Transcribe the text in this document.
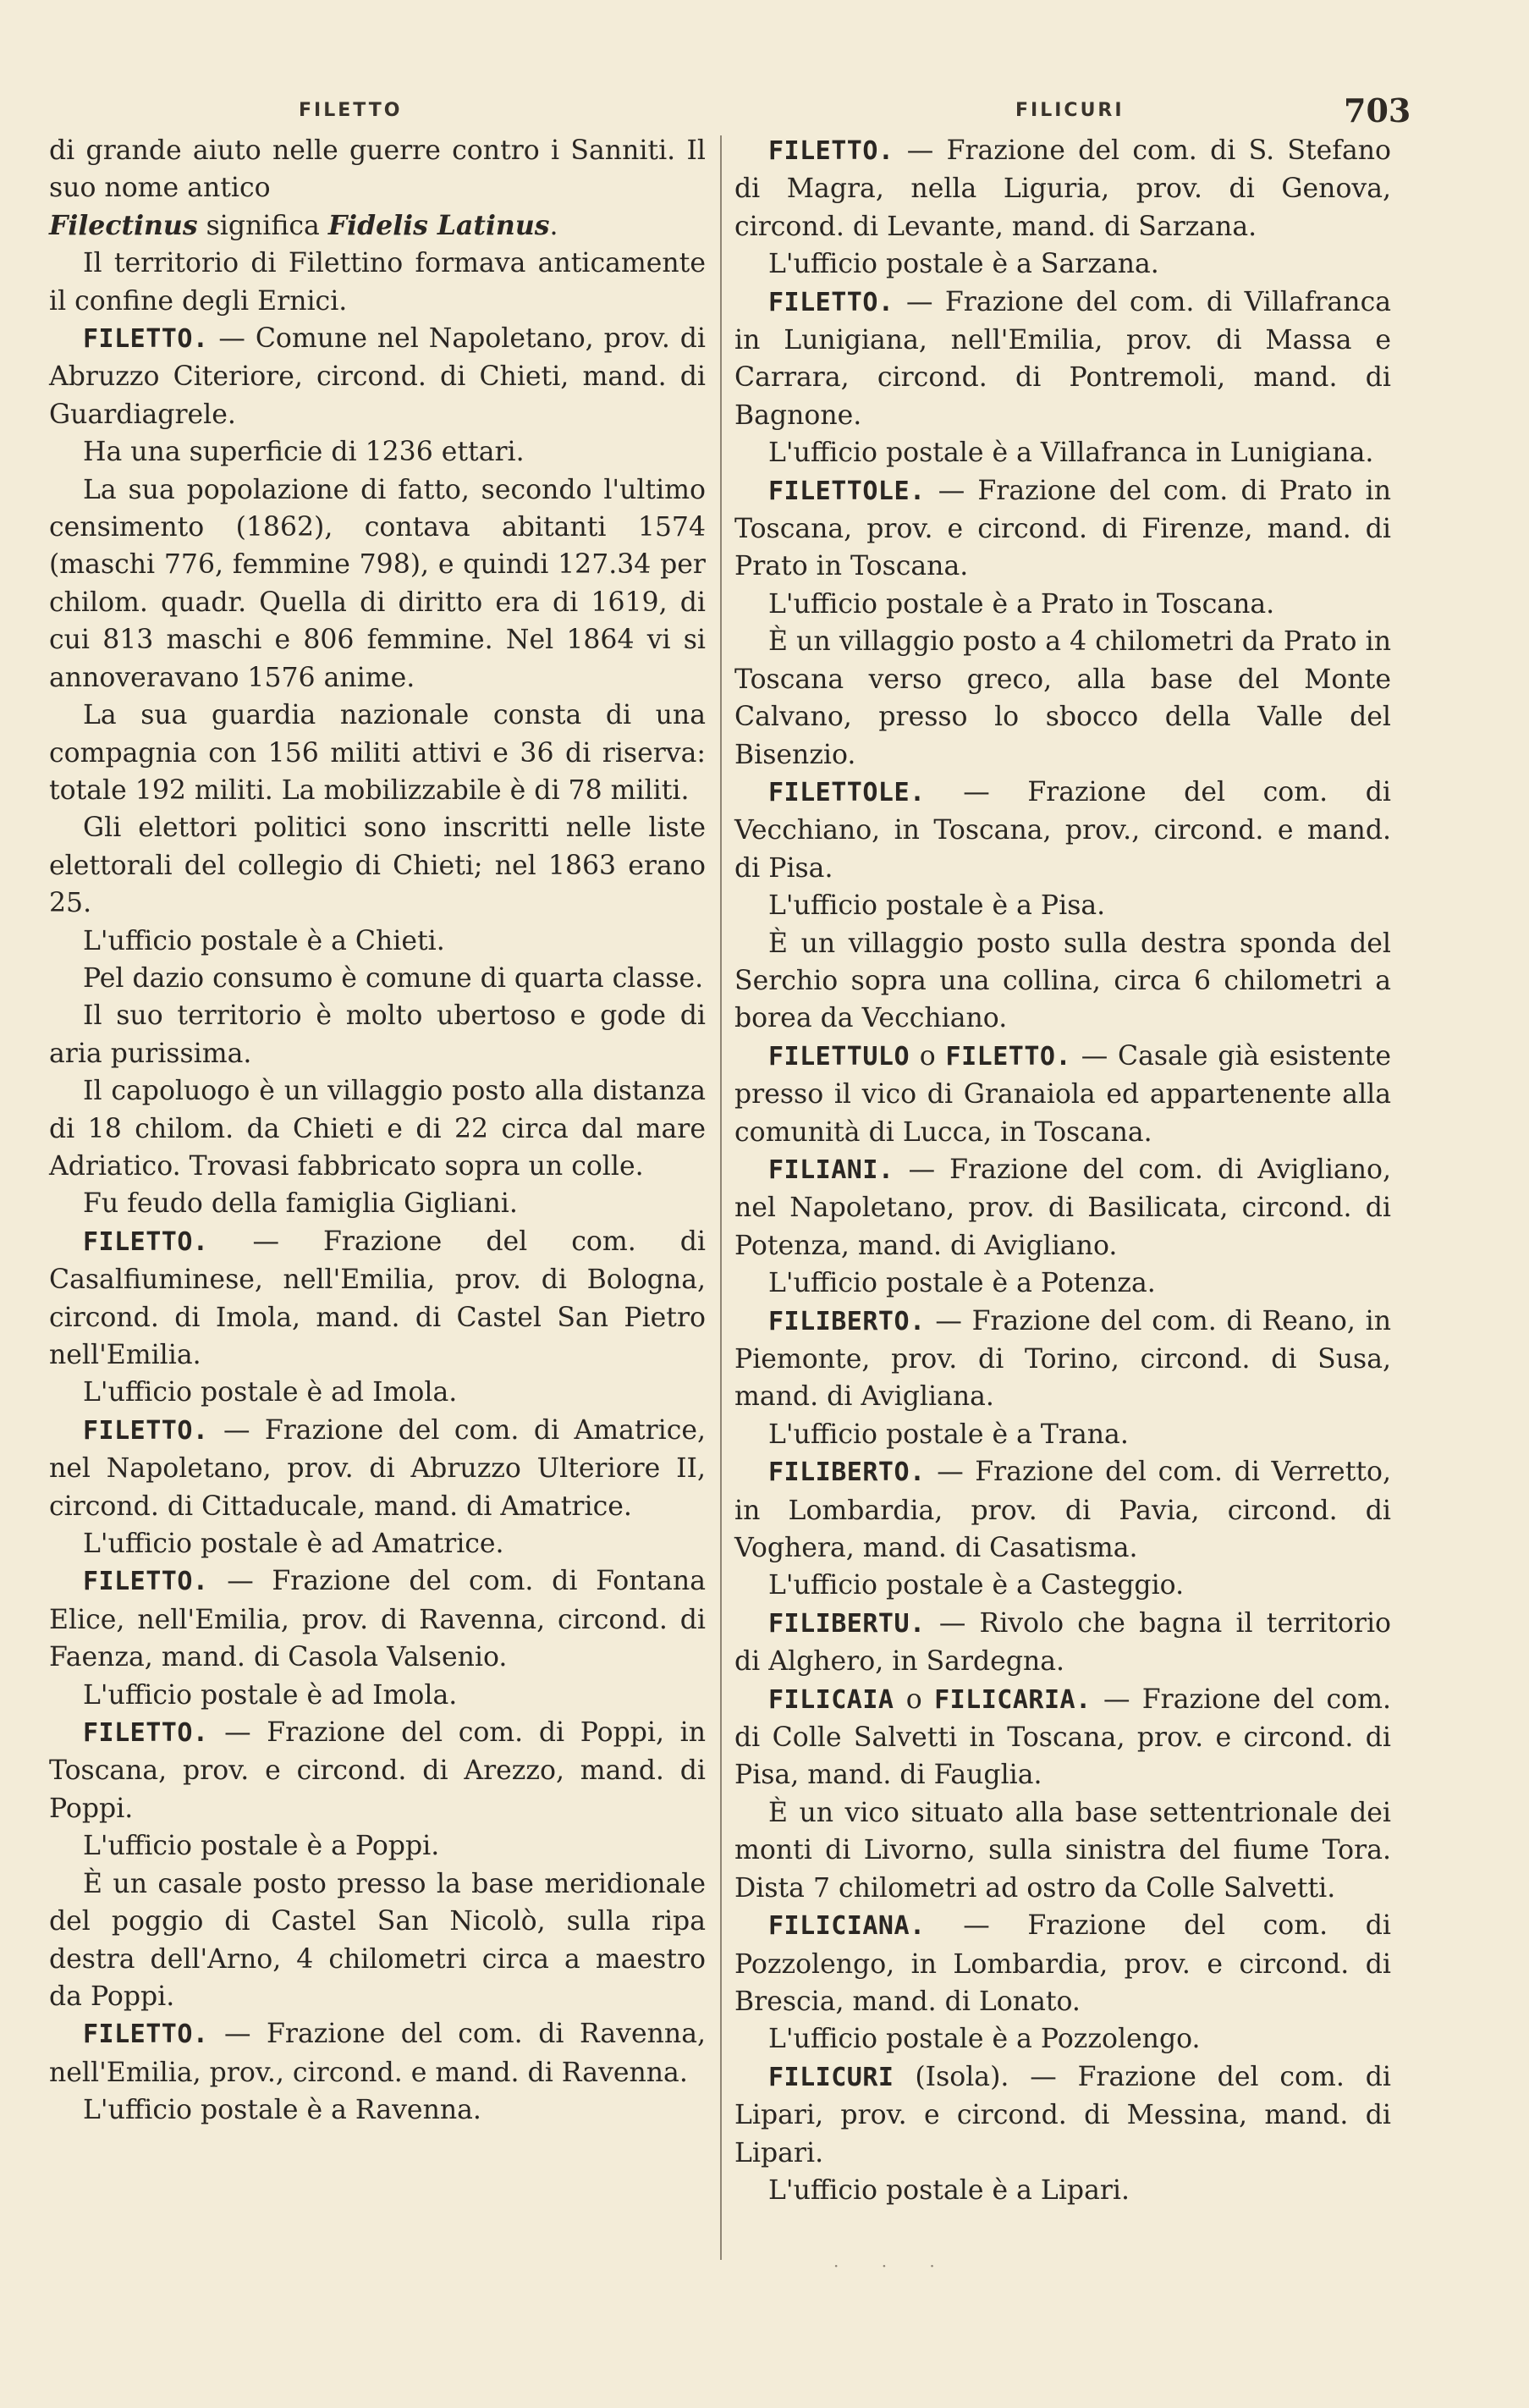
FILETTO	FILICURI	703

di grande aiuto nelle guerre contro i Sanniti. Il suo nome antico

Filectinus significa Fidelis Latinus.

Il territorio di Filettino formava anticamente il confine degli Ernici.

FILETTO. — Comune nel Napoletano, prov. di Abruzzo Citeriore, circond. di Chieti, mand. di Guardiagrele.

Ha una superficie di 1236 ettari.

La sua popolazione di fatto, secondo l'ultimo censimento (1862), contava abitanti 1574 (maschi 776, femmine 798), e quindi 127.34 per chilom. quadr. Quella di diritto era di 1619, di cui 813 maschi e 806 femmine. Nel 1864 vi si annoveravano 1576 anime.

La sua guardia nazionale consta di una compagnia con 156 militi attivi e 36 di riserva: totale 192 militi. La mobilizzabile è di 78 militi.

Gli elettori politici sono inscritti nelle liste elettorali del collegio di Chieti; nel 1863 erano 25.

L'ufficio postale è a Chieti.

Pel dazio consumo è comune di quarta classe.

Il suo territorio è molto ubertoso e gode di aria purissima.

Il capoluogo è un villaggio posto alla distanza di 18 chilom. da Chieti e di 22 circa dal mare Adriatico. Trovasi fabbricato sopra un colle.

Fu feudo della famiglia Gigliani.

FILETTO. — Frazione del com. di Casalfiuminese, nell'Emilia, prov. di Bologna, circond. di Imola, mand. di Castel San Pietro nell'Emilia.

L'ufficio postale è ad Imola.

FILETTO. — Frazione del com. di Amatrice, nel Napoletano, prov. di Abruzzo Ulteriore II, circond. di Cittaducale, mand. di Amatrice.

L'ufficio postale è ad Amatrice.

FILETTO. — Frazione del com. di Fontana Elice, nell'Emilia, prov. di Ravenna, circond. di Faenza, mand. di Casola Valsenio.

L'ufficio postale è ad Imola.

FILETTO. — Frazione del com. di Poppi, in Toscana, prov. e circond. di Arezzo, mand. di Poppi.

L'ufficio postale è a Poppi.

È un casale posto presso la base meridionale del poggio di Castel San Nicolò, sulla ripa destra dell'Arno, 4 chilometri circa a maestro da Poppi.

FILETTO. — Frazione del com. di Ravenna, nell'Emilia, prov., circond. e mand. di Ravenna.

L'ufficio postale è a Ravenna.

FILETTO. — Frazione del com. di S. Stefano di Magra, nella Liguria, prov. di Genova, circond. di Levante, mand. di Sarzana.

L'ufficio postale è a Sarzana.

FILETTO. — Frazione del com. di Villafranca in Lunigiana, nell'Emilia, prov. di Massa e Carrara, circond. di Pontremoli, mand. di Bagnone.

L'ufficio postale è a Villafranca in Lunigiana.

FILETTOLE. — Frazione del com. di Prato in Toscana, prov. e circond. di Firenze, mand. di Prato in Toscana.

L'ufficio postale è a Prato in Toscana.

È un villaggio posto a 4 chilometri da Prato in Toscana verso greco, alla base del Monte Calvano, presso lo sbocco della Valle del Bisenzio.

FILETTOLE. — Frazione del com. di Vecchiano, in Toscana, prov., circond. e mand. di Pisa.

L'ufficio postale è a Pisa.

È un villaggio posto sulla destra sponda del Serchio sopra una collina, circa 6 chilometri a borea da Vecchiano.

FILETTULO o FILETTO. — Casale già esistente presso il vico di Granaiola ed appartenente alla comunità di Lucca, in Toscana.

FILIANI. — Frazione del com. di Avigliano, nel Napoletano, prov. di Basilicata, circond. di Potenza, mand. di Avigliano.

L'ufficio postale è a Potenza.

FILIBERTO. — Frazione del com. di Reano, in Piemonte, prov. di Torino, circond. di Susa, mand. di Avigliana.

L'ufficio postale è a Trana.

FILIBERTO. — Frazione del com. di Verretto, in Lombardia, prov. di Pavia, circond. di Voghera, mand. di Casatisma.

L'ufficio postale è a Casteggio.

FILIBERTU. — Rivolo che bagna il territorio di Alghero, in Sardegna.

FILICAIA o FILICARIA. — Frazione del com. di Colle Salvetti in Toscana, prov. e circond. di Pisa, mand. di Fauglia.

È un vico situato alla base settentrionale dei monti di Livorno, sulla sinistra del fiume Tora. Dista 7 chilometri ad ostro da Colle Salvetti.

FILICIANA. — Frazione del com. di Pozzolengo, in Lombardia, prov. e circond. di Brescia, mand. di Lonato.

L'ufficio postale è a Pozzolengo.

FILICURI (Isola). — Frazione del com. di Lipari, prov. e circond. di Messina, mand. di Lipari.

L'ufficio postale è a Lipari.

· · ·
